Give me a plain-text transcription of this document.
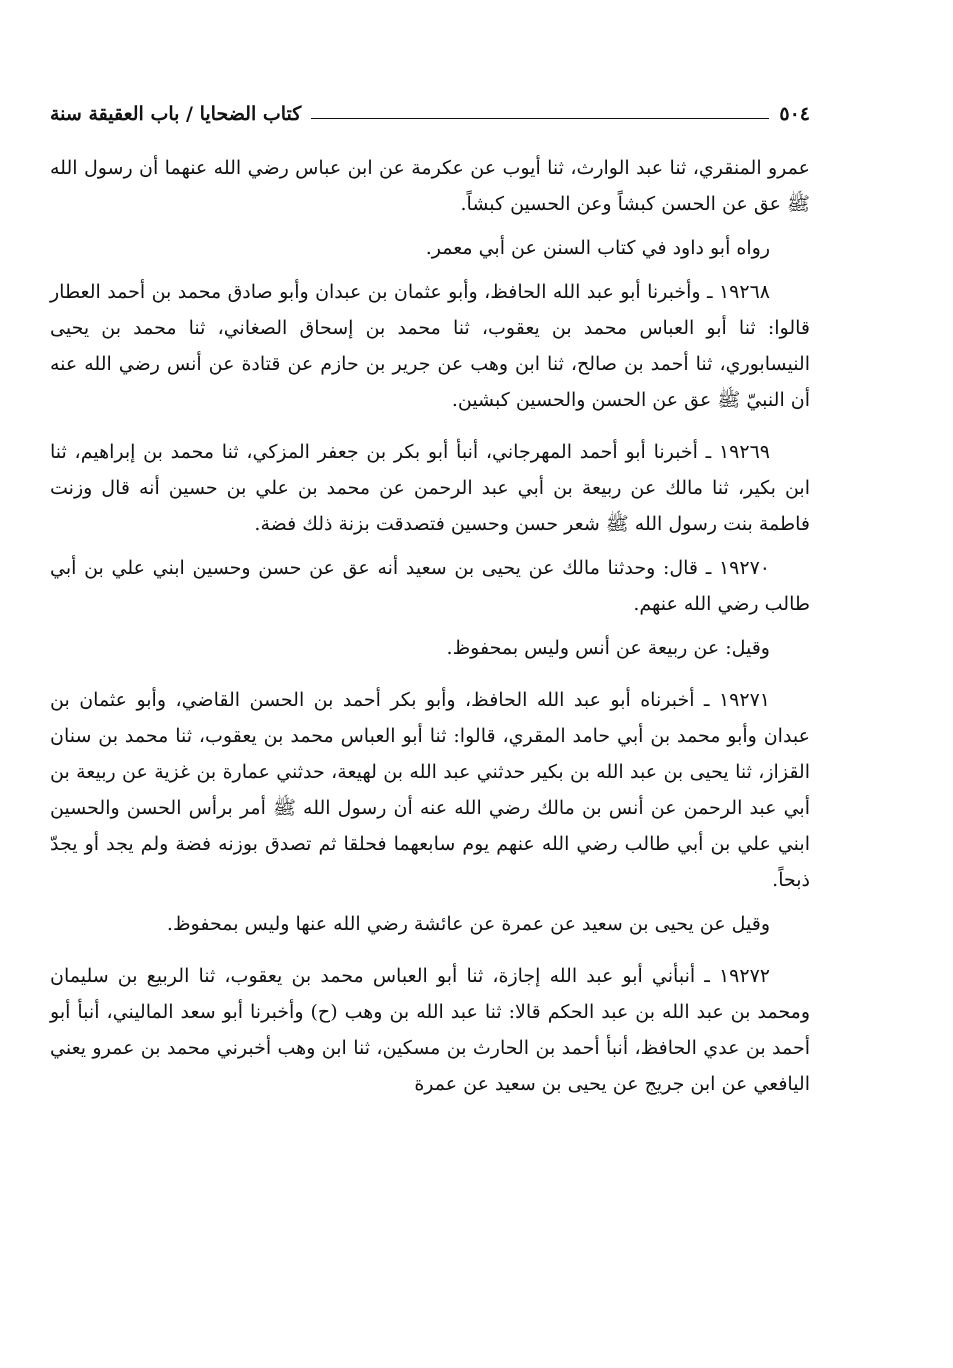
٥٠٤
كتاب الضحايا / باب العقيقة سنة

عمرو المنقري، ثنا عبد الوارث، ثنا أيوب عن عكرمة عن ابن عباس رضي الله عنهما أن رسول الله ﷺ عق عن الحسن كبشاً وعن الحسين كبشاً.

رواه أبو داود في كتاب السنن عن أبي معمر.

١٩٢٦٨ ـ وأخبرنا أبو عبد الله الحافظ، وأبو عثمان بن عبدان وأبو صادق محمد بن أحمد العطار قالوا: ثنا أبو العباس محمد بن يعقوب، ثنا محمد بن إسحاق الصغاني، ثنا محمد بن يحيى النيسابوري، ثنا أحمد بن صالح، ثنا ابن وهب عن جرير بن حازم عن قتادة عن أنس رضي الله عنه أن النبيّ ﷺ عق عن الحسن والحسين كبشين.

١٩٢٦٩ ـ أخبرنا أبو أحمد المهرجاني، أنبأ أبو بكر بن جعفر المزكي، ثنا محمد بن إبراهيم، ثنا ابن بكير، ثنا مالك عن ربيعة بن أبي عبد الرحمن عن محمد بن علي بن حسين أنه قال وزنت فاطمة بنت رسول الله ﷺ شعر حسن وحسين فتصدقت بزنة ذلك فضة.

١٩٢٧٠ ـ قال: وحدثنا مالك عن يحيى بن سعيد أنه عق عن حسن وحسين ابني علي بن أبي طالب رضي الله عنهم.

وقيل: عن ربيعة عن أنس وليس بمحفوظ.

١٩٢٧١ ـ أخبرناه أبو عبد الله الحافظ، وأبو بكر أحمد بن الحسن القاضي، وأبو عثمان بن عبدان وأبو محمد بن أبي حامد المقري، قالوا: ثنا أبو العباس محمد بن يعقوب، ثنا محمد بن سنان القزاز، ثنا يحيى بن عبد الله بن بكير حدثني عبد الله بن لهيعة، حدثني عمارة بن غزية عن ربيعة بن أبي عبد الرحمن عن أنس بن مالك رضي الله عنه أن رسول الله ﷺ أمر برأس الحسن والحسين ابني علي بن أبي طالب رضي الله عنهم يوم سابعهما فحلقا ثم تصدق بوزنه فضة ولم يجد أو يجدّ ذبحاً.

وقيل عن يحيى بن سعيد عن عمرة عن عائشة رضي الله عنها وليس بمحفوظ.

١٩٢٧٢ ـ أنبأني أبو عبد الله إجازة، ثنا أبو العباس محمد بن يعقوب، ثنا الربيع بن سليمان ومحمد بن عبد الله بن عبد الحكم قالا: ثنا عبد الله بن وهب (ح) وأخبرنا أبو سعد الماليني، أنبأ أبو أحمد بن عدي الحافظ، أنبأ أحمد بن الحارث بن مسكين، ثنا ابن وهب أخبرني محمد بن عمرو يعني اليافعي عن ابن جريج عن يحيى بن سعيد عن عمرة
